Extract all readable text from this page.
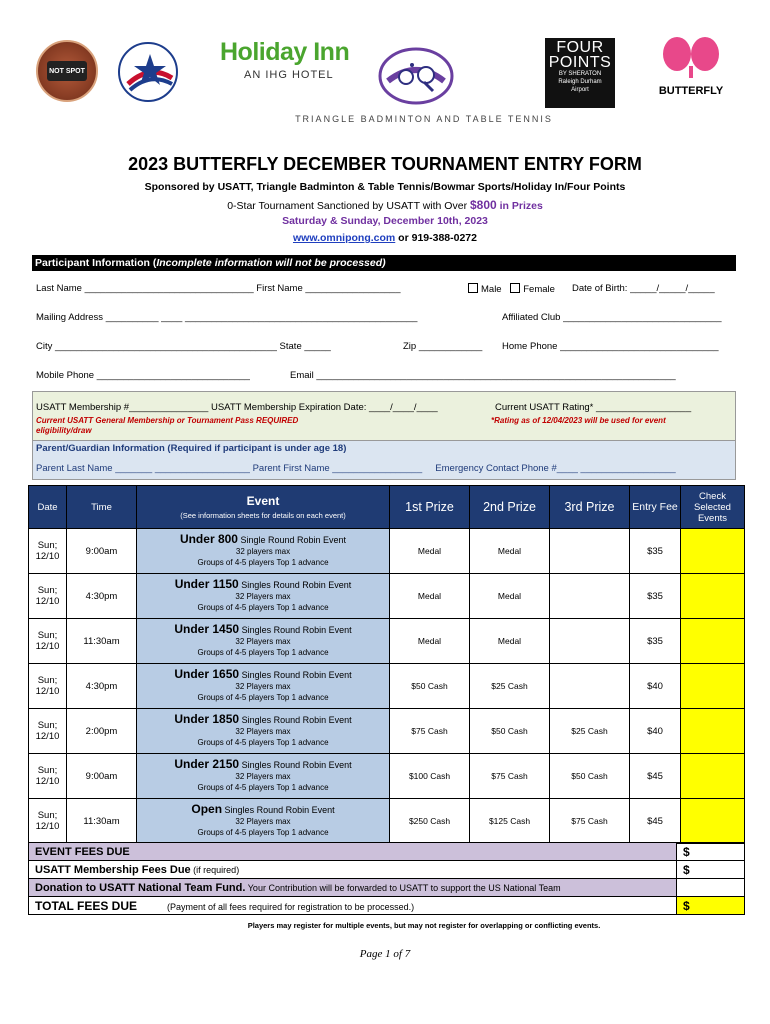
NOT SPOT
Holiday Inn
AN IHG HOTEL
FOUR
POINTS
BY SHERATON
Raleigh Durham
Airport	BUTTERFLY
TRIANGLE BADMINTON AND TABLE TENNIS
2023 BUTTERFLY DECEMBER TOURNAMENT ENTRY FORM
Sponsored by USATT, Triangle Badminton & Table Tennis/Bowmar Sports/Holiday In/Four Points
0-Star Tournament Sanctioned by USATT with Over $800 in Prizes
Saturday & Sunday, December 10th, 2023
www.omnipong.com or 919-388-0272
Participant Information (Incomplete information will not be processed)
Last Name ________________________________ First Name __________________	Male Female Date of Birth: _____/_____/_____
Mailing Address __________ ____ ____________________________________________	Affiliated Club ______________________________
City __________________________________________ State _____	Zip ____________ Home Phone ______________________________
Mobile Phone _____________________________	Email ____________________________________________________________________
USATT Membership #_______________ USATT Membership Expiration Date: ____/____/____	Current USATT Rating* __________________
Current USATT General Membership or Tournament Pass REQUIRED eligibility/draw
*Rating as of 12/04/2023 will be used for event
Parent/Guardian Information (Required if participant is under age 18)
Parent Last Name _______ __________________ Parent First Name _________________     Emergency Contact Phone #____ __________________
Date	Time	Event
(See information sheets for details on each event)	1st Prize	2nd Prize	3rd Prize	Entry Fee	Check Selected Events
Sun;
12/10	9:00am	Under 800 Single Round Robin Event
32 players max
Groups of 4-5 players Top 1 advance	Medal	Medal		$35	
Sun;
12/10	4:30pm	Under 1150 Singles Round Robin Event
32 Players max
Groups of 4-5 players Top 1 advance	Medal	Medal		$35	
Sun;
12/10	11:30am	Under 1450 Singles Round Robin Event
32 Players max
Groups of 4-5 players Top 1 advance	Medal	Medal		$35	
Sun;
12/10	4:30pm	Under 1650 Singles Round Robin Event
32 Players max
Groups of 4-5 players Top 1 advance	$50 Cash	$25 Cash		$40	
Sun;
12/10	2:00pm	Under 1850 Singles Round Robin Event
32 Players max
Groups of 4-5 players Top 1 advance	$75 Cash	$50 Cash	$25 Cash	$40	
Sun;
12/10	9:00am	Under 2150 Singles Round Robin Event
32 Players max
Groups of 4-5 players Top 1 advance	$100 Cash	$75 Cash	$50 Cash	$45	
Sun;
12/10	11:30am	Open Singles Round Robin Event
32 Players max
Groups of 4-5 players Top 1 advance	$250 Cash	$125 Cash	$75 Cash	$45	
EVENT FEES DUE	$
USATT Membership Fees Due (if required)	$
Donation to USATT National Team Fund. Your Contribution will be forwarded to USATT to support the US National Team	
TOTAL FEES DUE (Payment of all fees required for registration to be processed.)	$
Players may register for multiple events, but may not register for overlapping or conflicting events.
Page 1 of 7
